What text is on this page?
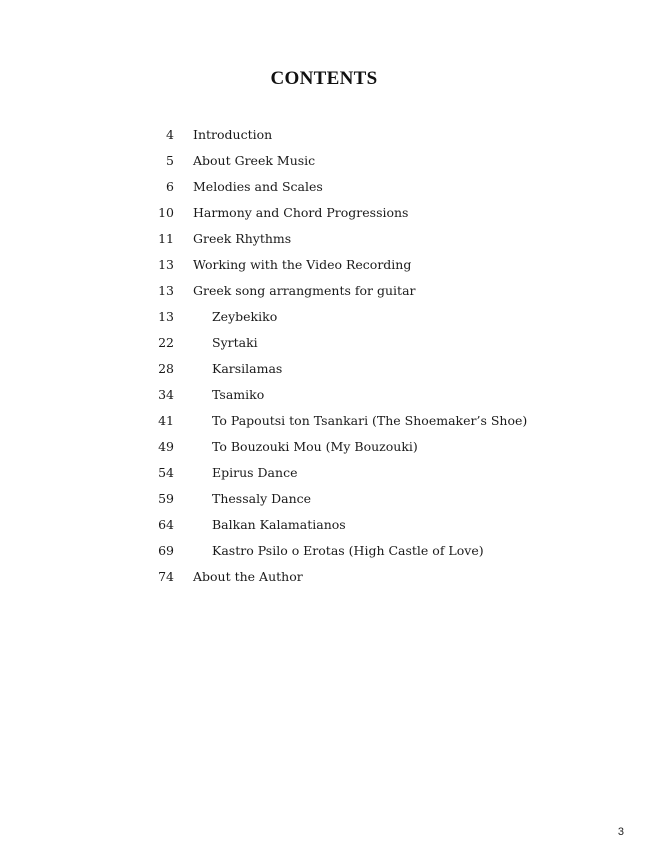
CONTENTS
4 Introduction
5 About Greek Music
6 Melodies and Scales
10 Harmony and Chord Progressions
11 Greek Rhythms
13 Working with the Video Recording
13 Greek song arrangments for guitar
13	Zeybekiko
22	Syrtaki
28	Karsilamas
34	Tsamiko
41	To Papoutsi ton Tsankari (The Shoemaker’s Shoe)
49	To Bouzouki Mou (My Bouzouki)
54	Epirus Dance
59	Thessaly Dance
64	Balkan Kalamatianos
69	Kastro Psilo o Erotas (High Castle of Love)
74 About the Author
3
